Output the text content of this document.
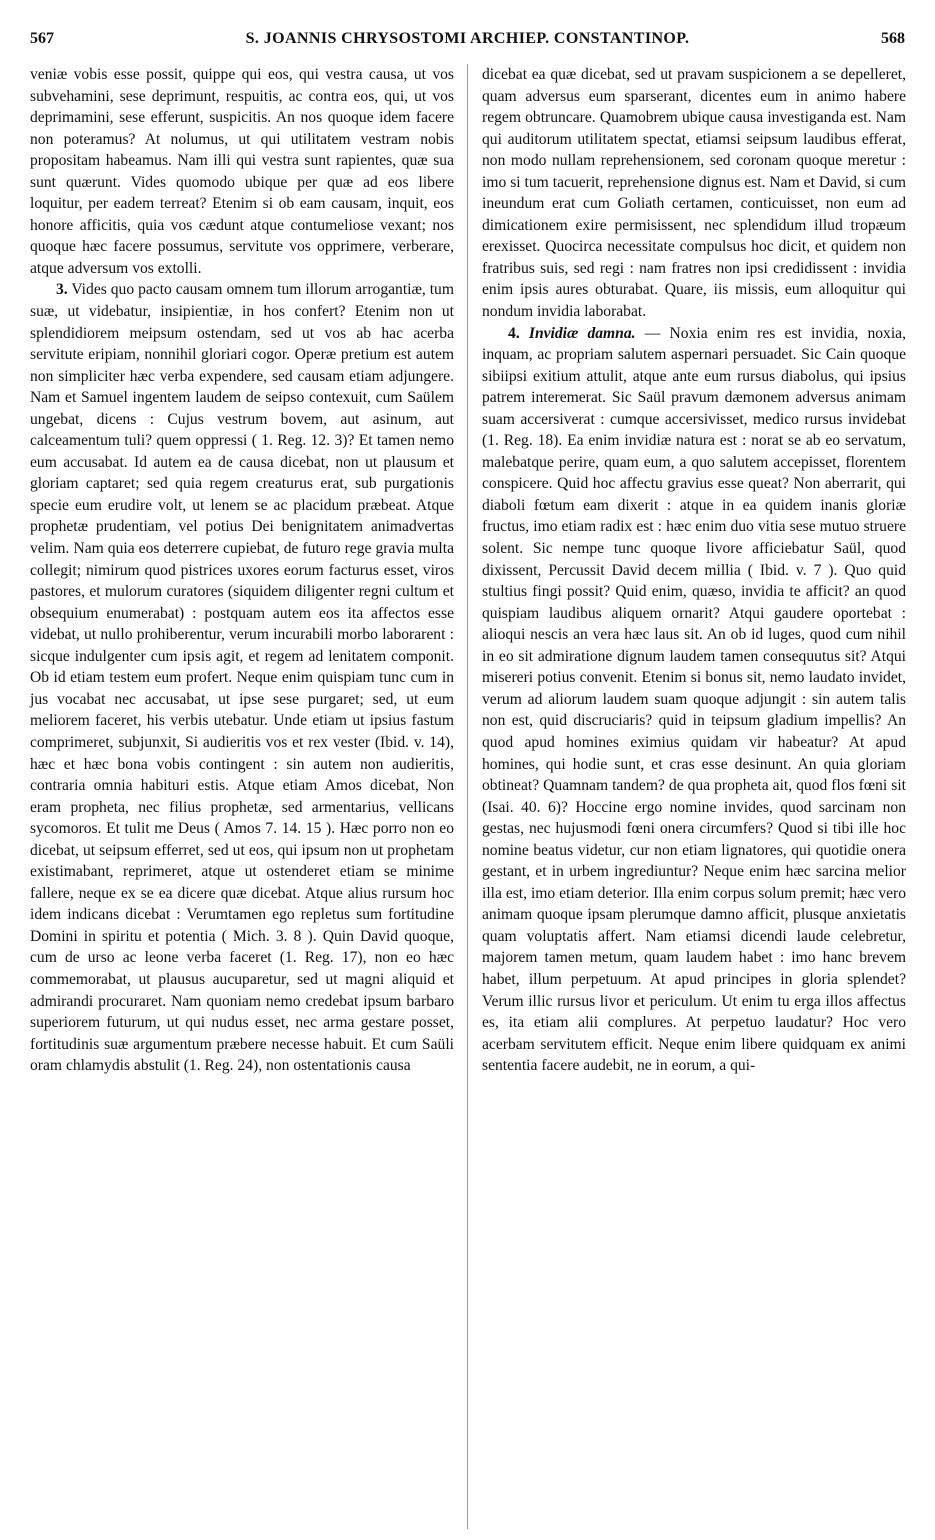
567	S. JOANNIS CHRYSOSTOMI ARCHIEP. CONSTANTINOP.	568

veniæ vobis esse possit, quippe qui eos, qui vestra causa, ut vos subvehamini, sese deprimunt, respuitis, ac contra eos, qui, ut vos deprimamini, sese efferunt, suspicitis. An nos quoque idem facere non poteramus? At nolumus, ut qui utilitatem vestram nobis propositam habeamus. Nam illi qui vestra sunt rapientes, quæ sua sunt quærunt. Vides quomodo ubique per quæ ad eos libere loquitur, per eadem terreat? Etenim si ob eam causam, inquit, eos honore afficitis, quia vos cædunt atque contumeliose vexant; nos quoque hæc facere possumus, servitute vos opprimere, verberare, atque adversum vos extolli.

3. Vides quo pacto causam omnem tum illorum arrogantiæ, tum suæ, ut videbatur, insipientiæ, in hos confert? Etenim non ut splendidiorem meipsum ostendam, sed ut vos ab hac acerba servitute eripiam, nonnihil gloriari cogor. Operæ pretium est autem non simpliciter hæc verba expendere, sed causam etiam adjungere. Nam et Samuel ingentem laudem de seipso contexuit, cum Saülem ungebat, dicens : Cujus vestrum bovem, aut asinum, aut calceamentum tuli? quem oppressi ( 1. Reg. 12. 3)? Et tamen nemo eum accusabat. Id autem ea de causa dicebat, non ut plausum et gloriam captaret; sed quia regem creaturus erat, sub purgationis specie eum erudire volt, ut lenem se ac placidum præbeat. Atque prophetæ prudentiam, vel potius Dei benignitatem animadvertas velim. Nam quia eos deterrere cupiebat, de futuro rege gravia multa collegit; nimirum quod pistrices uxores eorum facturus esset, viros pastores, et mulorum curatores (siquidem diligenter regni cultum et obsequium enumerabat) : postquam autem eos ita affectos esse videbat, ut nullo prohiberentur, verum incurabili morbo laborarent : sicque indulgenter cum ipsis agit, et regem ad lenitatem componit. Ob id etiam testem eum profert. Neque enim quispiam tunc cum in jus vocabat nec accusabat, ut ipse sese purgaret; sed, ut eum meliorem faceret, his verbis utebatur. Unde etiam ut ipsius fastum comprimeret, subjunxit, Si audieritis vos et rex vester (Ibid. v. 14), hæc et hæc bona vobis contingent : sin autem non audieritis, contraria omnia habituri estis. Atque etiam Amos dicebat, Non eram propheta, nec filius prophetæ, sed armentarius, vellicans sycomoros. Et tulit me Deus ( Amos 7. 14. 15 ). Hæc porro non eo dicebat, ut seipsum efferret, sed ut eos, qui ipsum non ut prophetam existimabant, reprimeret, atque ut ostenderet etiam se minime fallere, neque ex se ea dicere quæ dicebat. Atque alius rursum hoc idem indicans dicebat : Verumtamen ego repletus sum fortitudine Domini in spiritu et potentia ( Mich. 3. 8 ). Quin David quoque, cum de urso ac leone verba faceret (1. Reg. 17), non eo hæc commemorabat, ut plausus aucuparetur, sed ut magni aliquid et admirandi procuraret. Nam quoniam nemo credebat ipsum barbaro superiorem futurum, ut qui nudus esset, nec arma gestare posset, fortitudinis suæ argumentum præbere necesse habuit. Et cum Saüli oram chlamydis abstulit (1. Reg. 24), non ostentationis causa

dicebat ea quæ dicebat, sed ut pravam suspicionem a se depelleret, quam adversus eum sparserant, dicentes eum in animo habere regem obtruncare. Quamobrem ubique causa investiganda est. Nam qui auditorum utilitatem spectat, etiamsi seipsum laudibus efferat, non modo nullam reprehensionem, sed coronam quoque meretur : imo si tum tacuerit, reprehensione dignus est. Nam et David, si cum ineundum erat cum Goliath certamen, conticuisset, non eum ad dimicationem exire permisissent, nec splendidum illud tropæum erexisset. Quocirca necessitate compulsus hoc dicit, et quidem non fratribus suis, sed regi : nam fratres non ipsi credidissent : invidia enim ipsis aures obturabat. Quare, iis missis, eum alloquitur qui nondum invidia laborabat.

4. Invidiæ damna. — Noxia enim res est invidia, noxia, inquam, ac propriam salutem aspernari persuadet. Sic Cain quoque sibiipsi exitium attulit, atque ante eum rursus diabolus, qui ipsius patrem interemerat. Sic Saül pravum dæmonem adversus animam suam accersiverat : cumque accersivisset, medico rursus invidebat (1. Reg. 18). Ea enim invidiæ natura est : norat se ab eo servatum, malebatque perire, quam eum, a quo salutem accepisset, florentem conspicere. Quid hoc affectu gravius esse queat? Non aberrarit, qui diaboli fœtum eam dixerit : atque in ea quidem inanis gloriæ fructus, imo etiam radix est : hæc enim duo vitia sese mutuo struere solent. Sic nempe tunc quoque livore afficiebatur Saül, quod dixissent, Percussit David decem millia ( Ibid. v. 7 ). Quo quid stultius fingi possit? Quid enim, quæso, invidia te afficit? an quod quispiam laudibus aliquem ornarit? Atqui gaudere oportebat : alioqui nescis an vera hæc laus sit. An ob id luges, quod cum nihil in eo sit admiratione dignum laudem tamen consequutus sit? Atqui misereri potius convenit. Etenim si bonus sit, nemo laudato invidet, verum ad aliorum laudem suam quoque adjungit : sin autem talis non est, quid discruciaris? quid in teipsum gladium impellis? An quod apud homines eximius quidam vir habeatur? At apud homines, qui hodie sunt, et cras esse desinunt. An quia gloriam obtineat? Quamnam tandem? de qua propheta ait, quod flos fœni sit (Isai. 40. 6)? Hoccine ergo nomine invides, quod sarcinam non gestas, nec hujusmodi fœni onera circumfers? Quod si tibi ille hoc nomine beatus videtur, cur non etiam lignatores, qui quotidie onera gestant, et in urbem ingrediuntur? Neque enim hæc sarcina melior illa est, imo etiam deterior. Illa enim corpus solum premit; hæc vero animam quoque ipsam plerumque damno afficit, plusque anxietatis quam voluptatis affert. Nam etiamsi dicendi laude celebretur, majorem tamen metum, quam laudem habet : imo hanc brevem habet, illum perpetuum. At apud principes in gloria splendet? Verum illic rursus livor et periculum. Ut enim tu erga illos affectus es, ita etiam alii complures. At perpetuo laudatur? Hoc vero acerbam servitutem efficit. Neque enim libere quidquam ex animi sententia facere audebit, ne in eorum, a qui-
